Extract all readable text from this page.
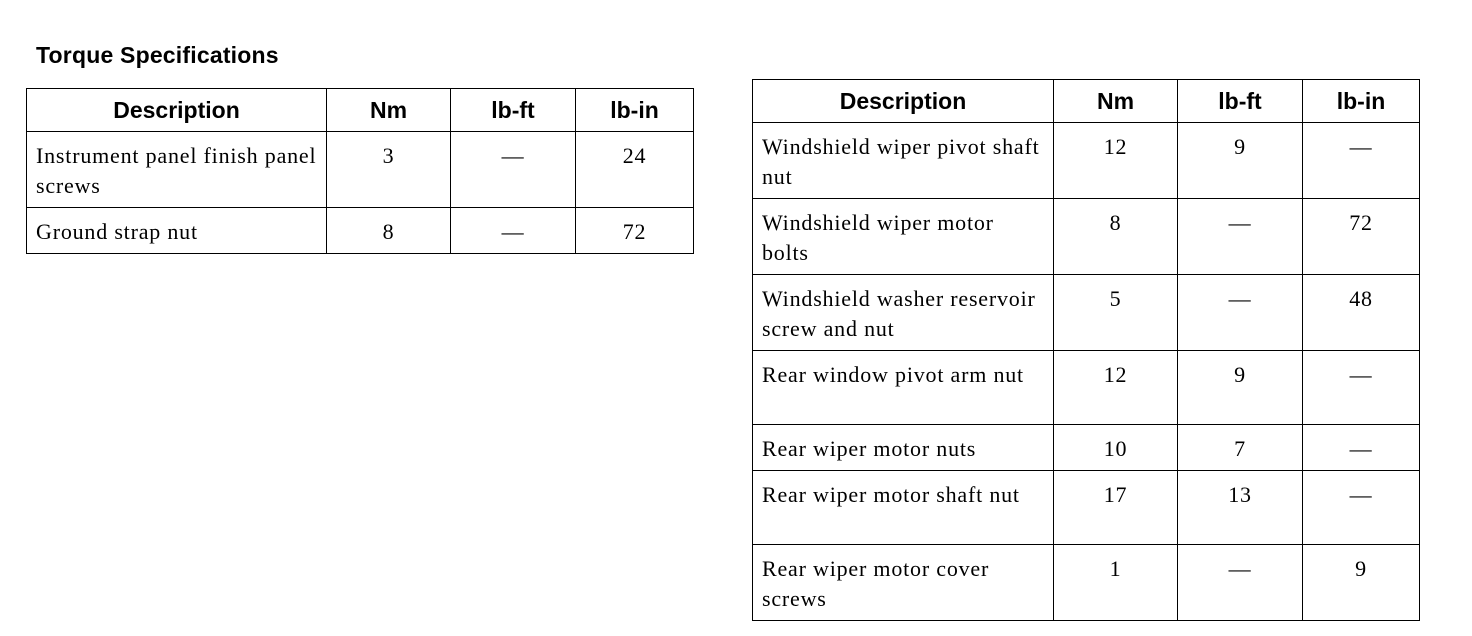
Torque Specifications
Description	Nm	lb-ft	lb-in
Instrument panel finish panel screws	3	—	24
Ground strap nut	8	—	72
Description	Nm	lb-ft	lb-in
Windshield wiper pivot shaft nut	12	9	—
Windshield wiper motor bolts	8	—	72
Windshield washer reservoir screw and nut	5	—	48
Rear window pivot arm nut	12	9	—
Rear wiper motor nuts	10	7	—
Rear wiper motor shaft nut	17	13	—
Rear wiper motor cover screws	1	—	9
